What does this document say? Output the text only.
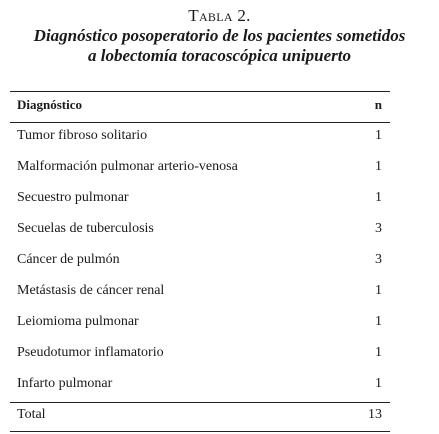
Tabla 2.
Diagnóstico posoperatorio de los pacientes sometidos
a lobectomía toracoscópica unipuerto
Diagnóstico	n
Tumor fibroso solitario	1
Malformación pulmonar arterio-venosa	1
Secuestro pulmonar	1
Secuelas de tuberculosis	3
Cáncer de pulmón	3
Metástasis de cáncer renal	1
Leiomioma pulmonar	1
Pseudotumor inflamatorio	1
Infarto pulmonar	1
Total	13
